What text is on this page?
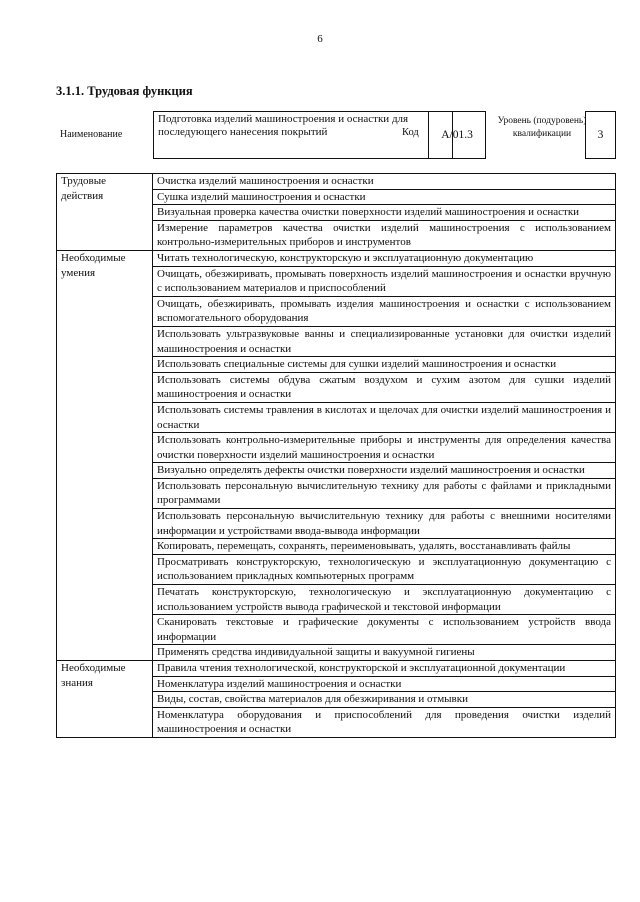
6
3.1.1. Трудовая функция
Наименование
Подготовка изделий машиностроения и оснастки для последующего нанесения покрытий	Код	A/01.3
Уровень (подуровень) квалификации	3
Трудовые действия	Очистка изделий машиностроения и оснастки
	Сушка изделий машиностроения и оснастки
	Визуальная проверка качества очистки поверхности изделий машиностроения и оснастки
	Измерение параметров качества очистки изделий машиностроения с использованием контрольно-измерительных приборов и инструментов
Необходимые умения	Читать технологическую, конструкторскую и эксплуатационную документацию
	Очищать, обезжиривать, промывать поверхность изделий машиностроения и оснастки вручную с использованием материалов и приспособлений
	Очищать, обезжиривать, промывать изделия машиностроения и оснастки с использованием вспомогательного оборудования
	Использовать ультразвуковые ванны и специализированные установки для очистки изделий машиностроения и оснастки
	Использовать специальные системы для сушки изделий машиностроения и оснастки
	Использовать системы обдува сжатым воздухом и сухим азотом для сушки изделий машиностроения и оснастки
	Использовать системы травления в кислотах и щелочах для очистки изделий машиностроения и оснастки
	Использовать контрольно-измерительные приборы и инструменты для определения качества очистки поверхности изделий машиностроения и оснастки
	Визуально определять дефекты очистки поверхности изделий машиностроения и оснастки
	Использовать персональную вычислительную технику для работы с файлами и прикладными программами
	Использовать персональную вычислительную технику для работы с внешними носителями информации и устройствами ввода-вывода информации
	Копировать, перемещать, сохранять, переименовывать, удалять, восстанавливать файлы
	Просматривать конструкторскую, технологическую и эксплуатационную документацию с использованием прикладных компьютерных программ
	Печатать конструкторскую, технологическую и эксплуатационную документацию с использованием устройств вывода графической и текстовой информации
	Сканировать текстовые и графические документы с использованием устройств ввода информации
	Применять средства индивидуальной защиты и вакуумной гигиены
Необходимые знания	Правила чтения технологической, конструкторской и эксплуатационной документации
	Номенклатура изделий машиностроения и оснастки
	Виды, состав, свойства материалов для обезжиривания и отмывки
	Номенклатура оборудования и приспособлений для проведения очистки изделий машиностроения и оснастки
